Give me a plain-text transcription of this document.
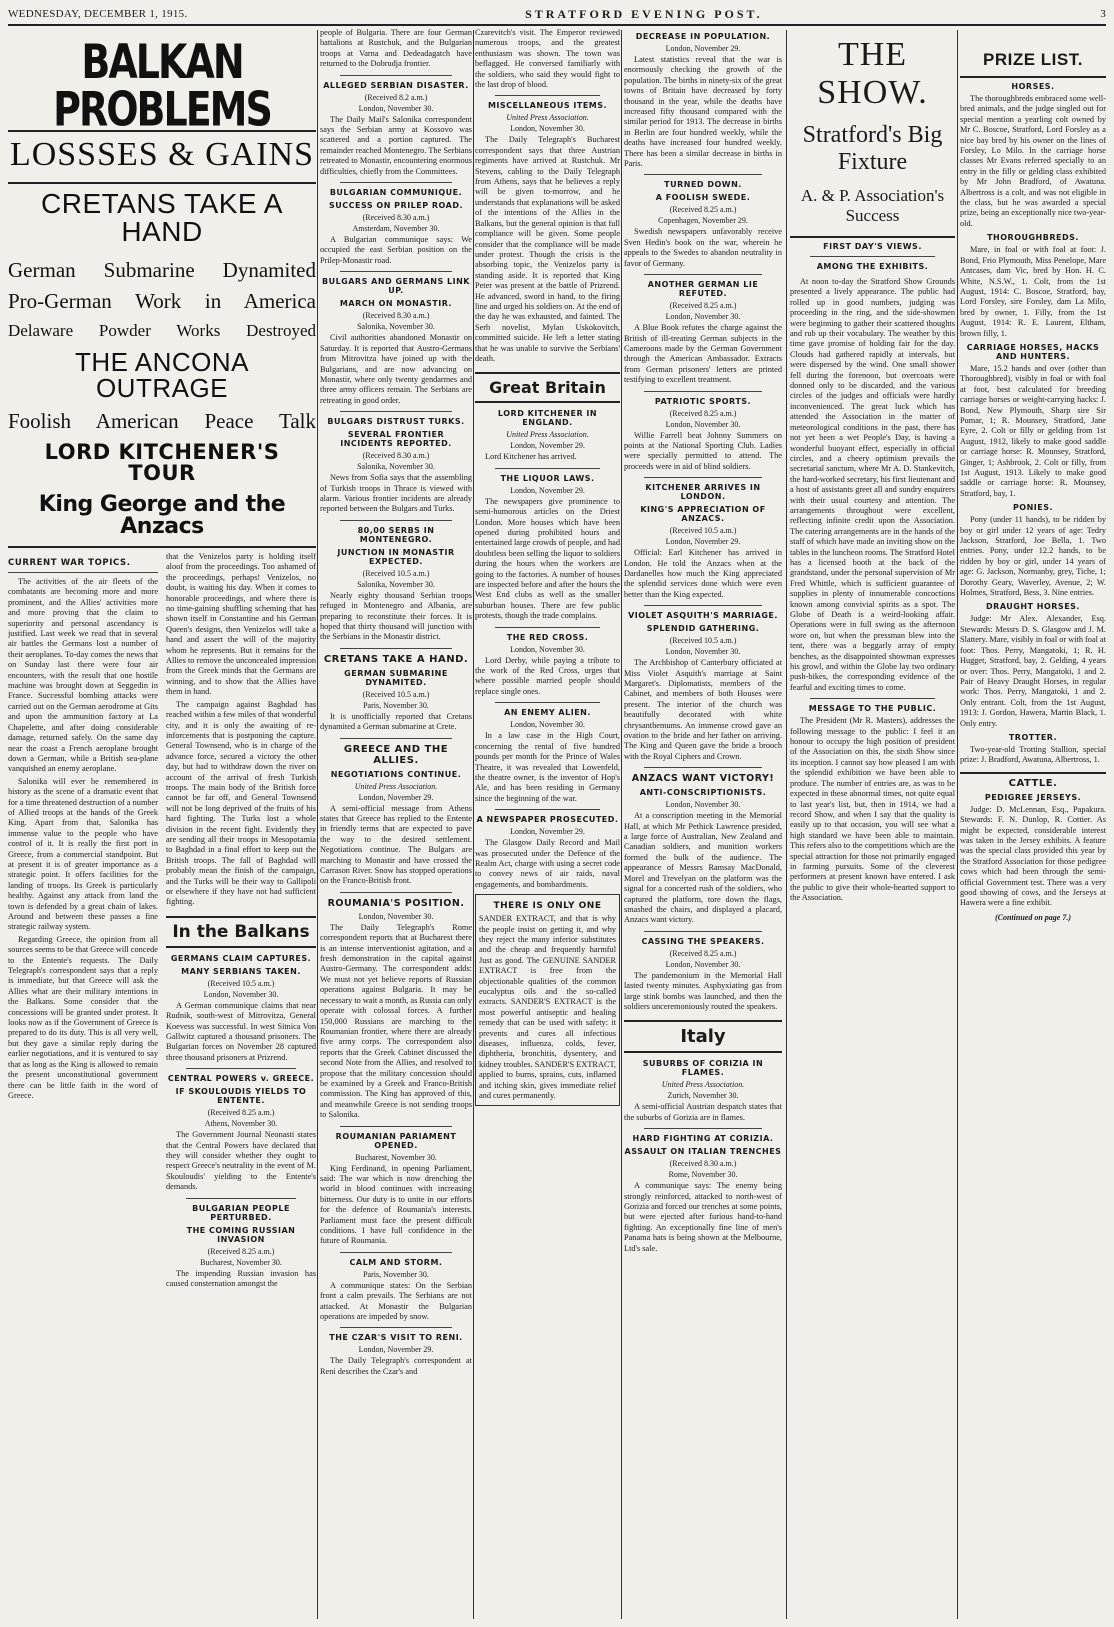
WEDNESDAY, DECEMBER 1, 1915.	STRATFORD EVENING POST.	3
BALKAN PROBLEMS
LOSSSES & GAINS
CRETANS TAKE A HAND
German Submarine Dynamited
Pro-German Work in America
Delaware Powder Works Destroyed
THE ANCONA OUTRAGE
Foolish American Peace Talk
LORD KITCHENER'S TOUR
King George and the Anzacs
CURRENT WAR TOPICS.

The activities of the air fleets of the combatants are becoming more and more prominent, and the Allies' activities more and more proving that the claim to superiority and personal ascendancy is justified. Last week we read that in several air battles the Germans lost a number of their aeroplanes. To-day comes the news that on Sunday last there were four air encounters, with the result that one hostile machine was brought down at Seggedin in France. Successful bombing attacks were carried out on the German aerodrome at Gits and upon the ammunition factory at La Chapelette, and after doing considerable damage, returned safely. On the same day near the coast a French aeroplane brought down a German, while a British sea-plane vanquished an enemy aeroplane.

Salonika will ever be remembered in history as the scene of a dramatic event that for a time threatened destruction of a number of Allied troops at the hands of the Greek King. Apart from that, Salonika has immense value to the people who have control of it. It is really the first port in Greece, from a commercial standpoint. But at present it is of greater importance as a strategic point. It offers facilities for the landing of troops. Its Greek is particularly healthy. Against any attack from land the town is defended by a great chain of lakes. Around and between these passes a fine strategic railway system.

Regarding Greece, the opinion from all sources seems to be that Greece will concede to the Entente's requests. The Daily Telegraph's correspondent says that a reply is immediate, but that Greece will ask the Allies what are their military intentions in the Balkans. Some consider that the concessions will be granted under protest. It looks now as if the Government of Greece is prepared to do its duty. This is all very well, but they gave a similar reply during the earlier negotiations, and it is ventured to say that as long as the King is allowed to remain the present unconstitutional government there can be little faith in the word of Greece.

that the Venizelos party is holding itself aloof from the proceedings. Too ashamed of the proceedings, perhaps! Venizelos, no doubt, is waiting his day. When it comes to honorable proceedings, and where there is no time-gaining shuffling scheming that has shown itself in Constantine and his German Queen's designs, then Venizelos will take a hand and assert the will of the majority whom he represents. But it remains for the Allies to remove the unconcealed impression from the Greek minds that the Germans are winning, and to show that the Allies have them in hand.

The campaign against Baghdad has reached within a few miles of that wonderful city, and it is only the awaiting of re-inforcements that is postponing the capture. General Townsend, who is in charge of the advance force, secured a victory the other day, but had to withdraw down the river on account of the arrival of fresh Turkish troops. The main body of the British force cannot be far off, and General Townsend will not be long deprived of the fruits of his hard fighting. The Turks lost a whole division in the recent fight. Evidently they are sending all their troops in Mesopotamia to Baghdad in a final effort to keep out the British troops. The fall of Baghdad will probably mean the finish of the campaign, and the Turks will be their way to Gallipoli or elsewhere if they have not had sufficient fighting.

In the Balkans
GERMANS CLAIM CAPTURES.
MANY SERBIANS TAKEN.
(Received 10.5 a.m.)
London, November 30.

A German communique claims that near Rudnik, south-west of Mitrovitza, General Koevess was successful. In west Sitnica Von Gallwitz captured a thousand prisoners. The Bulgarian forces on November 28 captured three thousand prisoners at Prizrend.

CENTRAL POWERS v. GREECE.
IF SKOULOUDIS YIELDS TO ENTENTE.
(Received 8.25 a.m.)
Athens, November 30.

The Government Journal Neonasti states that the Central Powers have declared that they will consider whether they ought to respect Greece's neutrality in the event of M. Skouloudis' yielding to the Entente's demands.

BULGARIAN PEOPLE PERTURBED.
THE COMING RUSSIAN INVASION
(Received 8.25 a.m.)
Bucharest, November 30.

The impending Russian invasion has caused consternation amongst the

people of Bulgaria. There are four German battalions at Rustchuk, and the Bulgarian troops at Varna and Dedeadagatch have returned to the Dobrudja frontier.

ALLEGED SERBIAN DISASTER.
(Received 8.2 a.m.)
London, November 30.

The Daily Mail's Salonika correspondent says the Serbian army at Kossovo was scattered and a portion captured. The remainder reached Montenegro. The Serbians retreated to Monastir, encountering enormous difficulties, chiefly from the Committees.

BULGARIAN COMMUNIQUE.
SUCCESS ON PRILEP ROAD.
(Received 8.30 a.m.)
Amsterdam, November 30.

A Bulgarian communique says: We occupied the east Serbian position on the Prilep-Monastir road.

BULGARS AND GERMANS LINK UP.
MARCH ON MONASTIR.
(Received 8.30 a.m.)
Salonika, November 30.

Civil authorities abandoned Monastir on Saturday. It is reported that Austro-Germans from Mitrovitza have joined up with the Bulgarians, and are now advancing on Monastir, where only twenty gendarmes and three army officers remain. The Serbians are retreating in good order.

BULGARS DISTRUST TURKS.
SEVERAL FRONTIER INCIDENTS REPORTED.
(Received 8.30 a.m.)
Salonika, November 30.

News from Sofia says that the assembling of Turkish troops in Thrace is viewed with alarm. Various frontier incidents are already reported between the Bulgars and Turks.

80,00 SERBS IN MONTENEGRO.
JUNCTION IN MONASTIR EXPECTED.
(Received 10.5 a.m.)
Salonika, November 30.

Nearly eighty thousand Serbian troops refuged in Montenegro and Albania, are preparing to reconstitute their forces. It is hoped that thirty thousand will junction with the Serbians in the Monastir district.

CRETANS TAKE A HAND.
GERMAN SUBMARINE DYNAMITED.
(Received 10.5 a.m.)
Paris, November 30.

It is unofficially reported that Cretans dynamited a German submarine at Crete.

GREECE AND THE ALLIES.
NEGOTIATIONS CONTINUE.
United Press Association.
London, November 29.

A semi-official message from Athens states that Greece has replied to the Entente in friendly terms that are expected to pave the way to the desired settlement. Negotiations continue. The Bulgars are marching to Monastir and have crossed the Carrason River. Snow has stopped operations on the Franco-British front.

ROUMANIA'S POSITION.
London, November 30.

The Daily Telegraph's Rome correspondent reports that at Bucharest there is an intense interventionist agitation, and a fresh demonstration in the capital against Austro-Germany. The correspondent adds: We must not yet believe reports of Russian operations against Bulgaria. It may be necessary to wait a month, as Russia can only operate with colossal forces. A further 150,000 Russians are marching to the Roumanian frontier, where there are already five army corps. The correspondent also reports that the Greek Cabinet discussed the second Note from the Allies, and resolved to propose that the military concession should be examined by a Greek and Franco-British commission. The King has approved of this, and meanwhile Greece is not sending troops to Salonika.

ROUMANIAN PARIAMENT OPENED.
Bucharest, November 30.

King Ferdinand, in opening Parliament, said: The war which is now drenching the world in blood continues with increasing bitterness. Our duty is to unite in our efforts for the defence of Roumania's interests. Parliament must face the present difficult conditions. I have full confidence in the future of Roumania.

CALM AND STORM.
Paris, November 30.

A communique states: On the Serbian front a calm prevails. The Serbians are not attacked. At Monastir the Bulgarian operations are impeded by snow.

THE CZAR'S VISIT TO RENI.
London, November 29.

The Daily Telegraph's correspondent at Reni describes the Czar's and

Czarevitch's visit. The Emperor reviewed numerous troops, and the greatest enthusiasm was shown. The town was beflagged. He conversed familiarly with the soldiers, who said they would fight to the last drop of blood.

MISCELLANEOUS ITEMS.
United Press Association.
London, November 30.

The Daily Telegraph's Bucharest correspondent says that three Austrian regiments have arrived at Rustchuk. Mr Stevens, cabling to the Daily Telegraph from Athens, says that he believes a reply will be given to-morrow, and he understands that explanations will be asked of the intentions of the Allies in the Balkans, but the general opinion is that full compliance will be given. Some people consider that the compliance will be made under protest. Though the crisis is the absorbing topic, the Venizelos party is standing aside. It is reported that King Peter was present at the battle of Prizrend. He advanced, sword in hand, to the firing line and urged his soldiers on. At the end of the day he was exhausted, and fainted. The Serb novelist, Mylan Uskokovitch, committed suicide. He left a letter stating that he was unable to survive the Serbians' death.

Great Britain
LORD KITCHENER IN ENGLAND.
United Press Association.
London, November 29.

Lord Kitchener has arrived.

THE LIQUOR LAWS.
London, November 29.

The newspapers give prominence to semi-humorous articles on the Driest London. More houses which have been opened during prohibited hours and entertained large crowds of people, and had doubtless been selling the liquor to soldiers during the hours when the workers are going to the factories. A number of houses are inspected before and after the hours the West End clubs as well as the smaller suburban houses. There are few public protests, though the trade complains.

THE RED CROSS.
London, November 30.

Lord Derby, while paying a tribute to the work of the Red Cross, urges that where possible married people should replace single ones.

AN ENEMY ALIEN.
London, November 30.

In a law case in the High Court, concerning the rental of five hundred pounds per month for the Prince of Wales Theatre, it was revealed that Lowenfeld, the theatre owner, is the inventor of Hop's Ale, and has been residing in Germany since the beginning of the war.

A NEWSPAPER PROSECUTED.
London, November 29.

The Glasgow Daily Record and Mail was prosecuted under the Defence of the Realm Act, charge with using a secret code to convey news of air raids, naval engagements, and bombardments.

THERE IS ONLY ONE

SANDER EXTRACT, and that is why the people insist on getting it, and why they reject the many inferior substitutes and the cheap and frequently harmful Just as good. The GENUINE SANDER EXTRACT is free from the objectionable qualities of the common eucalyptus oils and the so-called extracts. SANDER'S EXTRACT is the most powerful antiseptic and healing remedy that can be used with safety: it prevents and cures all infectious diseases, influenza, colds, fever, diphtheria, bronchitis, dysentery, and kidney troubles. SANDER'S EXTRACT, applied to burns, sprains, cuts, inflamed and itching skin, gives immediate relief and cures permanently.

DECREASE IN POPULATION.
London, November 29.

Latest statistics reveal that the war is enormously checking the growth of the population. The births in ninety-six of the great towns of Britain have decreased by forty thousand in the year, while the deaths have increased fifty thousand compared with the similar period for 1913. The decrease in births in Berlin are four hundred weekly, while the deaths have increased four hundred weekly. There has been a similar decrease in births in Paris.

TURNED DOWN.
A FOOLISH SWEDE.
(Received 8.25 a.m.)
Copenhagen, November 29.

Swedish newspapers unfavorably receive Sven Hedin's book on the war, wherein he appeals to the Swedes to abandon neutrality in favor of Germany.

ANOTHER GERMAN LIE REFUTED.
(Received 8.25 a.m.)
London, November 30.

A Blue Book refutes the charge against the British of ill-treating German subjects in the Cameroons made by the German Government through the American Ambassador. Extracts from German prisoners' letters are printed testifying to excellent treatment.

PATRIOTIC SPORTS.
(Received 8.25 a.m.)
London, November 30.

Willie Farrell beat Johnny Summers on points at the National Sporting Club. Ladies were specially permitted to attend. The proceeds were in aid of blind soldiers.

KITCHENER ARRIVES IN LONDON.
KING'S APPRECIATION OF ANZACS.
(Received 10.5 a.m.)
London, November 29.

Official: Earl Kitchener has arrived in London. He told the Anzacs when at the Dardanelles how much the King appreciated the splendid services done which were even better than the King expected.

VIOLET ASQUITH'S MARRIAGE.
SPLENDID GATHERING.
(Received 10.5 a.m.)
London, November 30.

The Archbishop of Canterbury officiated at Miss Violet Asquith's marriage at Saint Margaret's. Diplomatists, members of the Cabinet, and members of both Houses were present. The interior of the church was beautifully decorated with white chrysanthemums. An immense crowd gave an ovation to the bride and her father on arriving. The King and Queen gave the bride a brooch with the Royal Ciphers and Crown.

ANZACS WANT VICTORY!
ANTI-CONSCRIPTIONISTS.
London, November 30.

At a conscription meeting in the Memorial Hall, at which Mr Pethick Lawrence presided, a large force of Australian, New Zealand and Canadian soldiers, and munition workers formed the bulk of the audience. The appearance of Messrs Ramsay MacDonald, Morel and Trevelyan on the platform was the signal for a concerted rush of the soldiers, who captured the platform, tore down the flags, smashed the chairs, and displayed a placard, Anzacs want victory.

CASSING THE SPEAKERS.
(Received 8.25 a.m.)
London, November 30.

The pandemonium in the Memorial Hall lasted twenty minutes. Asphyxiating gas from large stink bombs was launched, and then the soldiers unceremoniously routed the speakers.

Italy
SUBURBS OF CORIZIA IN FLAMES.
United Press Association.
Zurich, November 30.

A semi-official Austrian despatch states that the suburbs of Gorizia are in flames.

HARD FIGHTING AT CORIZIA.
ASSAULT ON ITALIAN TRENCHES
(Received 8.30 a.m.)
Rome, November 30.

A communique says: The enemy being strongly reinforced, attacked to north-west of Gorizia and forced our trenches at some points, but were ejected after furious hand-to-hand fighting. An exceptionally fine line of men's Panama hats is being shown at the Melbourne, Ltd's sale.

THE SHOW.
Stratford's Big Fixture
A. & P. Association's Success
FIRST DAY'S VIEWS.
AMONG THE EXHIBITS.

At noon to-day the Stratford Show Grounds presented a lively appearance. The public had rolled up in good numbers, judging was proceeding in the ring, and the side-showmen were beginning to gather their scattered thoughts and rub up their vocabulary. The weather by this time gave promise of holding fair for the day. Clouds had gathered rapidly at intervals, but were dispersed by the wind. One small shower fell during the forenoon, but overcoats were donned only to be discarded, and the various circles of the judges and officials were hardly inconvenienced. The great luck which has attended the Association in the matter of meteorological conditions in the past, there has not yet been a wet People's Day, is having a wonderful buoyant effect, especially in official circles, and a cheery optimism prevails the secretarial sanctum, where Mr A. D. Stankevitch, the hard-worked secretary, his first lieutenant and a host of assistants greet all and sundry enquirers with their usual courtesy and attention. The arrangements throughout were excellent, reflecting infinite credit upon the Association. The catering arrangements are in the hands of the staff of which have made an inviting show on the tables in the luncheon rooms. The Stratford Hotel has a licensed booth at the back of the grandstand, under the personal supervision of Mr Fred Whittle, which is sufficient guarantee of supplies in plenty of innumerable concoctions known among convivial spirits as a spot. The Globe of Death is a weird-looking affair. Operations were in full swing as the afternoon wore on, but when the pressman blew into the tent, there was a beggarly array of empty benches, as the disappointed showman expresses his growl, and within the Globe lay two ordinary push-bikes, the corresponding evidence of the fearful and exciting times to come.

MESSAGE TO THE PUBLIC.

The President (Mr R. Masters), addresses the following message to the public: I feel it an honour to occupy the high position of president of the Association on this, the sixth Show since its inception. I cannot say how pleased I am with the splendid exhibition we have been able to produce. The number of entries are, as was to be expected in these abnormal times, not quite equal to last year's list, but, then in 1914, we had a record Show, and when I say that the quality is easily up to that occasion, you will see what a high standard we have been able to maintain. This refers also to the competitions which are the special attraction for those not primarily engaged in farming pursuits. Some of the cleverest performers at present known have entered. I ask the public to give their whole-hearted support to the Association.

PRIZE LIST.
HORSES.

The thoroughbreds embraced some well-bred animals, and the judge singled out for special mention a yearling colt owned by Mr C. Boscoe, Stratford, Lord Forsley as a nice bay bred by his owner on the lines of Forsley, Lo Milo. In the carriage horse classes Mr Evans referred specially to an entry in the filly or gelding class exhibited by Mr John Bradford, of Awatuna. Albertross is a colt, and was not eligible in the class, but he was awarded a special prize, being an exceptionally nice two-year-old.

THOROUGHBREDS.

Mare, in foal or with foal at foot: J. Bond, Frio Plymouth, Miss Penelope, Mare Antcases, dam Vic, bred by Hon. H. C. White, N.S.W., 1. Colt, from the 1st August, 1914: C. Boscoe, Stratford, bay, Lord Forsley, sire Forsley, dam La Milo, bred by owner, 1. Filly, from the 1st August, 1914: R. E. Laurent, Eltham, brown filly, 1.

CARRIAGE HORSES, HACKS AND HUNTERS.

Mare, 15.2 hands and over (other than Thoroughbred), visibly in foal or with foal at foot, best calculated for breeding carriage horses or weight-carrying hacks: J. Bond, New Plymouth, Sharp sire Sir Pumar, 1; R. Mounsey, Stratford, Jane Eyre, 2. Colt or filly or gelding from 1st August, 1912, likely to make good saddle or carriage horse: R. Mounsey, Stratford, Ginger, 1; Ashbrook, 2. Colt or filly, from 1st August, 1913. Likely to make good saddle or carriage horse: R. Mounsey, Stratford, bay, 1.

PONIES.

Pony (under 11 hands), to be ridden by boy or girl under 12 years of age: Tedry Jackson, Stratford, Joe Bella, 1. Two entries. Pony, under 12.2 hands, to be ridden by boy or girl, under 14 years of age: G. Jackson, Normanby, grey, Tiche, 1; Dorothy Geary, Waverley, Avenue, 2; W. Holmes, Stratford, Bess, 3. Nine entries.

DRAUGHT HORSES.

Judge: Mr Alex. Alexander, Esq. Stewards: Messrs D. S. Glasgow and J. M. Slattery. Mare, visibly in foal or with foal at foot: Thos. Perry, Mangatoki, 1; R. H. Hugget, Stratford, bay, 2. Gelding, 4 years or over: Thos. Perry, Mangatoki, 1 and 2. Pair of Heavy Draught Horses, in regular work: Thos. Perry, Mangatoki, 1 and 2. Only entrant. Colt, from the 1st August, 1913: J. Gordon, Hawera, Martin Black, 1. Only entry.

TROTTER.

Two-year-old Trotting Stallion, special prize: J. Bradford, Awatuna, Albertross, 1.

CATTLE.
PEDIGREE JERSEYS.

Judge: D. McLennan, Esq., Papakura. Stewards: F. N. Dunlop, R. Cottier. As might be expected, considerable interest was taken in the Jersey exhibits. A feature was the special class provided this year by the Stratford Association for those pedigree cows which had been through the semi-official Government test. There was a very good showing of cows, and the Jerseys at Hawera were a fine exhibit.

(Continued on page 7.)
